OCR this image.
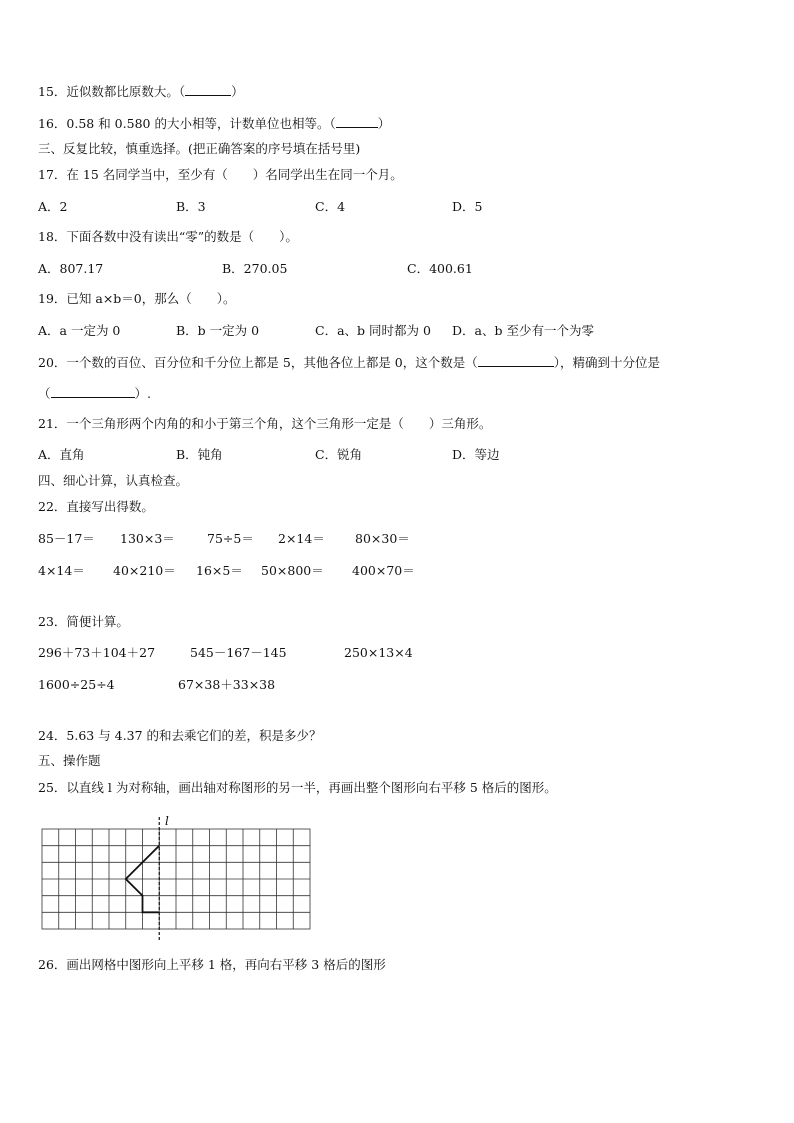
15．近似数都比原数大。（	）
16．0.58 和 0.580 的大小相等，计数单位也相等。（	）
三、反复比较，慎重选择。(把正确答案的序号填在括号里)
17．在 15 名同学当中，至少有（　　）名同学出生在同一个月。
A．2	B．3	C．4	D．5
18．下面各数中没有读出“零”的数是（　　）。
A．807.17	B．270.05	C．400.61
19．已知 a×b＝0，那么（　　）。
A．a 一定为 0	B．b 一定为 0	C．a、b 同时都为 0 D．a、b 至少有一个为零
20．一个数的百位、百分位和千分位上都是 5，其他各位上都是 0，这个数是（	），精确到十分位是
（	）.
21．一个三角形两个内角的和小于第三个角，这个三角形一定是（　　）三角形。
A．直角	B．钝角	C．锐角	D．等边
四、细心计算，认真检查。
22．直接写出得数。
85－17＝ 130×3＝	75÷5＝ 2×14＝ 80×30＝
4×14＝ 40×210＝ 16×5＝ 50×800＝ 400×70＝
23．简便计算。
296＋73＋104＋27	545－167－145	250×13×4
1600÷25÷4	67×38＋33×38
24．5.63 与 4.37 的和去乘它们的差，积是多少？
五、操作题
25．以直线 l 为对称轴，画出轴对称图形的另一半，再画出整个图形向右平移 5 格后的图形。
l
26．画出网格中图形向上平移 1 格，再向右平移 3 格后的图形
